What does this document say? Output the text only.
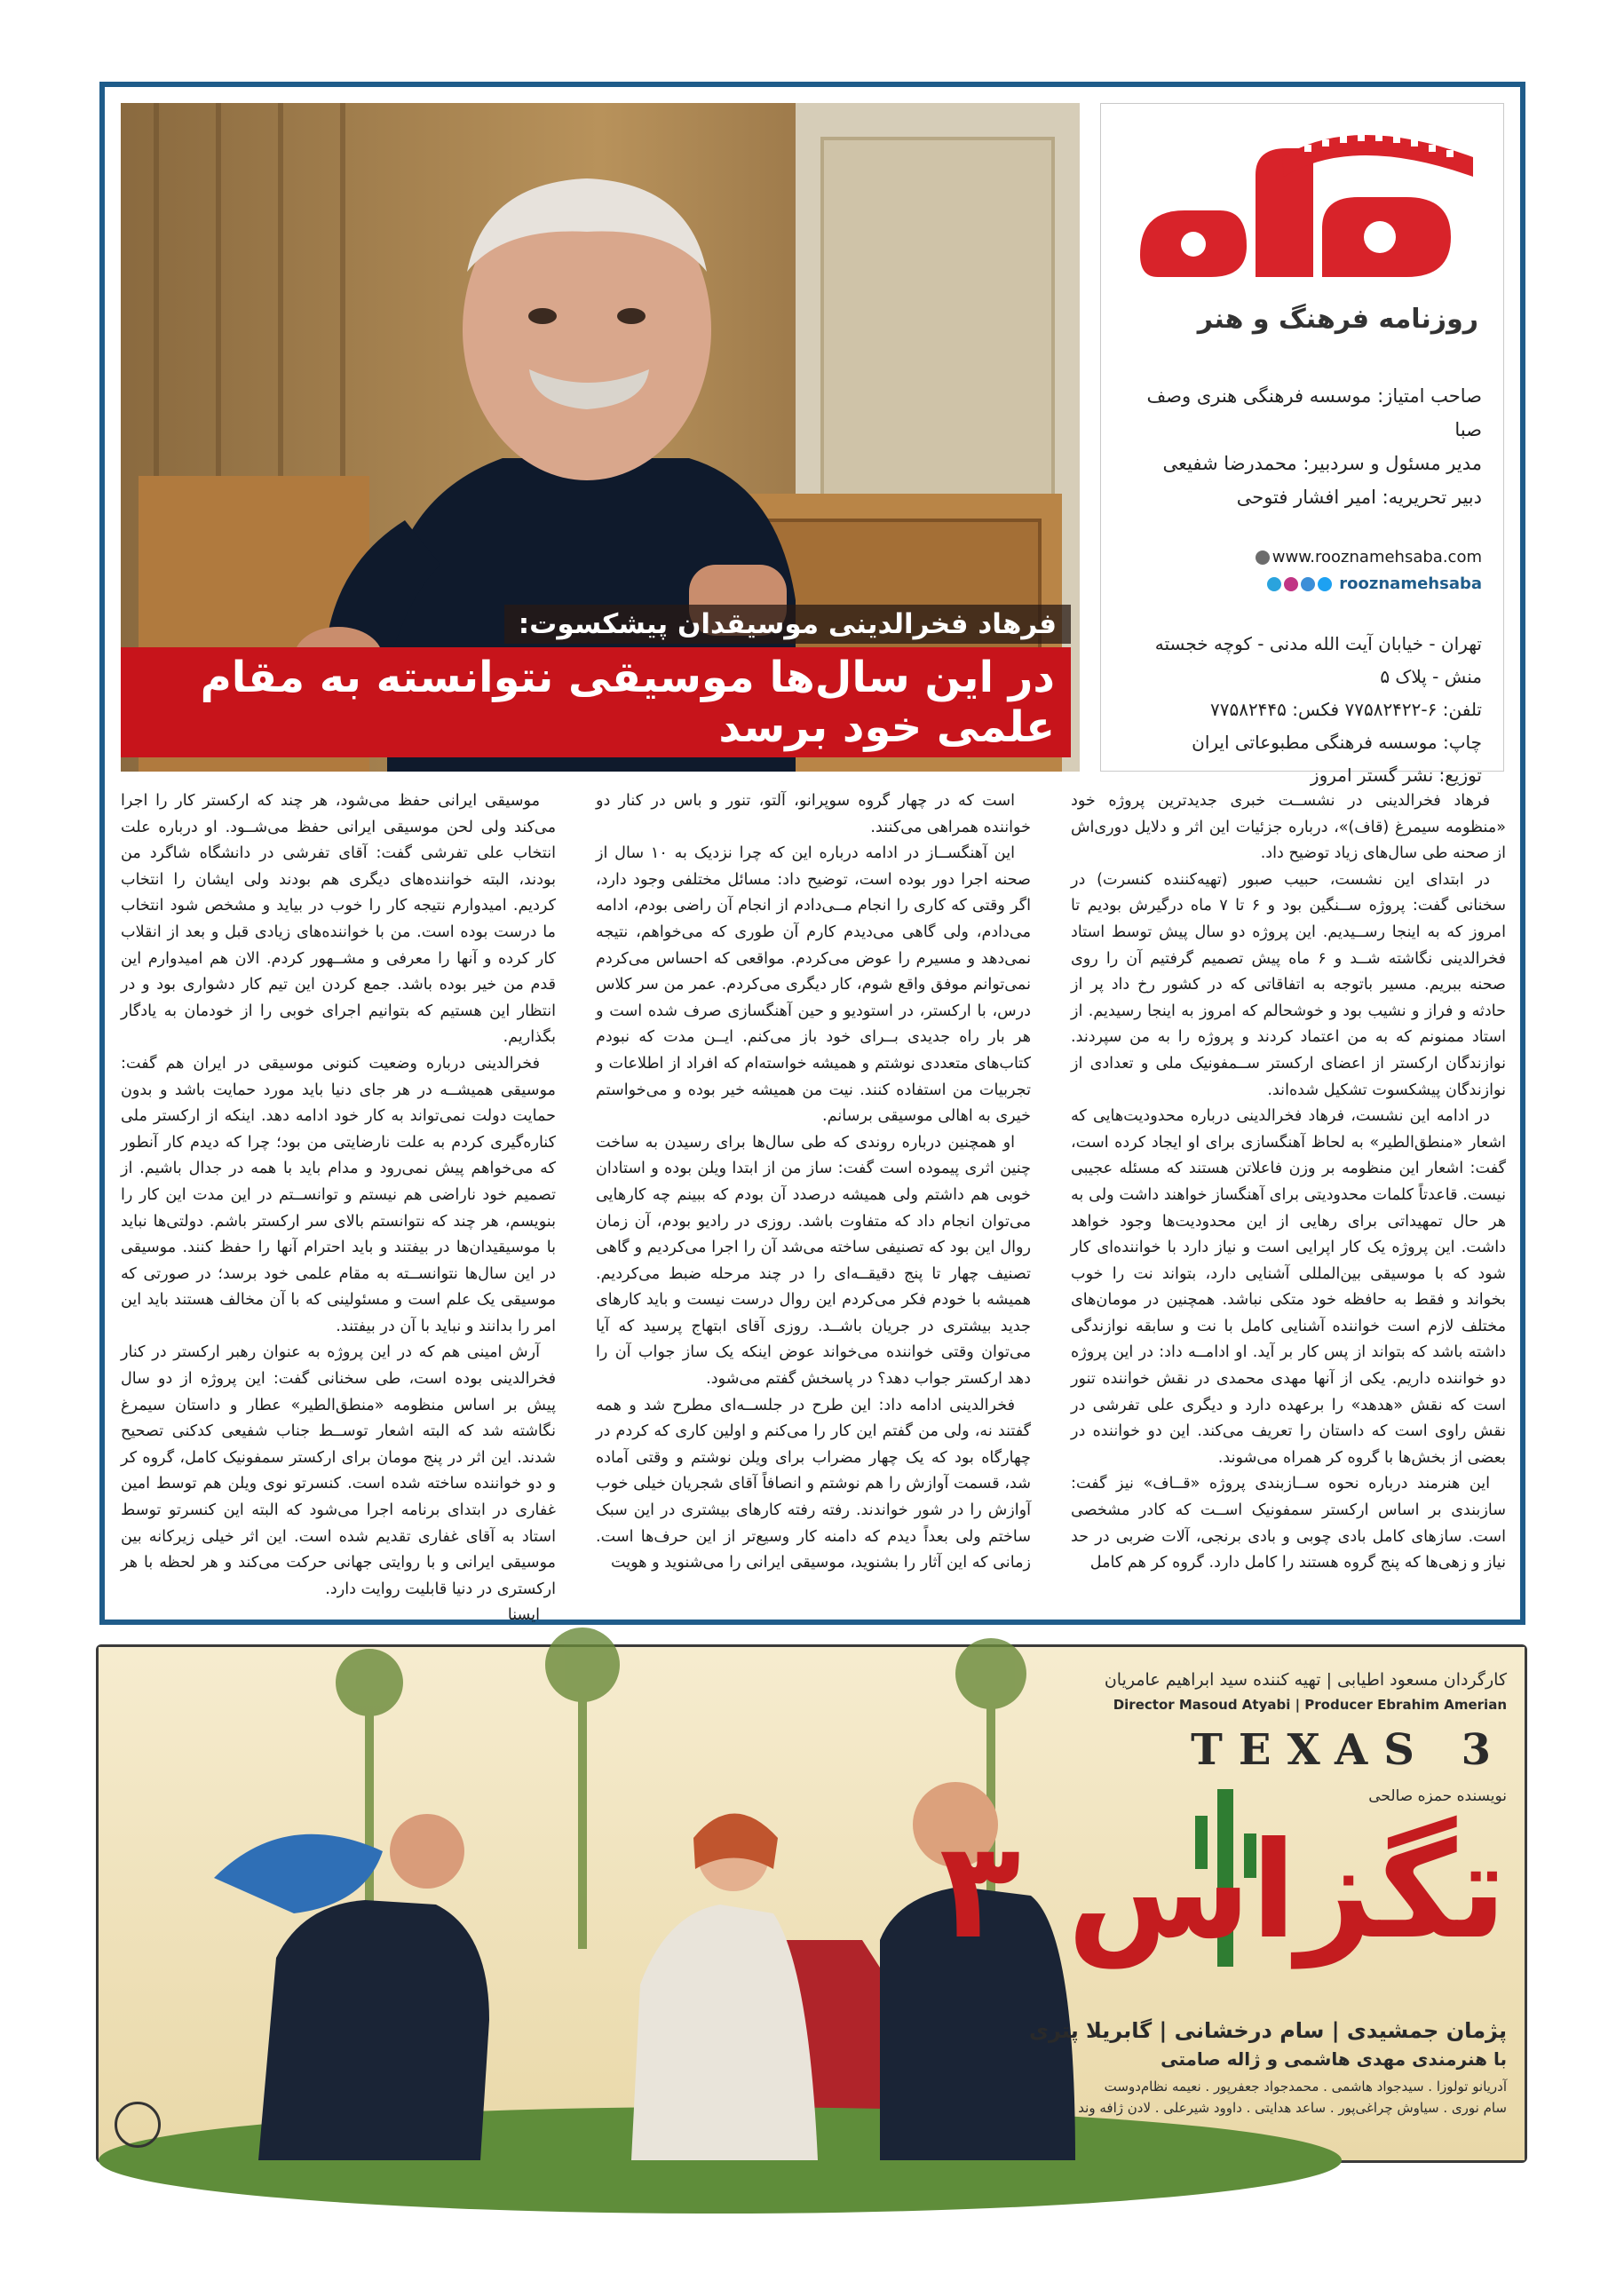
روزنامه فرهنگ و هنر
صاحب امتیاز: موسسه فرهنگی هنری وصف صبا
مدیر مسئول و سردبیر: محمدرضا شفیعی
دبیر تحریریه: امیر افشار فتوحی
www.rooznamehsaba.com
rooznamehsaba
تهران - خیابان آیت الله مدنی - کوچه خجسته منش - پلاک ۵
تلفن: ۶-۷۷۵۸۲۴۲۲ فکس: ۷۷۵۸۲۴۴۵
چاپ: موسسه فرهنگی مطبوعاتی ایران
توزیع: نشر گستر امروز
فرهاد فخرالدینی موسیقدان پیشکسوت:
در این سال‌ها موسیقی نتوانسته به مقام علمی خود برسد

فرهاد فخرالدینی در نشســت خبری جدیدترین پروژه خود «منظومه سیمرغ (قاف)»، درباره جزئیات این اثر و دلایل دوری‌اش از صحنه طی سال‌های زیاد توضیح داد.

در ابتدای این نشست، حبیب صبور (تهیه‌کننده کنسرت) در سخنانی گفت: پروژه ســنگین بود و ۶ تا ۷ ماه درگیرش بودیم تا امروز که به اینجا رســیدیم. این پروژه دو سال پیش توسط استاد فخرالدینی نگاشته شــد و ۶ ماه پیش تصمیم گرفتیم آن را روی صحنه ببریم. مسیر باتوجه به اتفاقاتی که در کشور رخ داد پر از حادثه و فراز و نشیب بود و خوشحالم که امروز به اینجا رسیدیم. از استاد ممنونم که به من اعتماد کردند و پروژه را به من سپردند. نوازندگان ارکستر از اعضای ارکستر ســمفونیک ملی و تعدادی از نوازندگان پیشکسوت تشکیل شده‌اند.

در ادامه این نشست، فرهاد فخرالدینی درباره محدودیت‌هایی که اشعار «منطق‌الطیر» به لحاظ آهنگسازی برای او ایجاد کرده است، گفت: اشعار این منظومه بر وزن فاعلاتن هستند که مسئله عجیبی نیست. قاعدتاً کلمات محدودیتی برای آهنگساز خواهند داشت ولی به هر حال تمهیداتی برای رهایی از این محدودیت‌ها وجود خواهد داشت. این پروژه یک کار اپرایی است و نیاز دارد با خواننده‌ای کار شود که با موسیقی بین‌المللی آشنایی دارد، بتواند نت را خوب بخواند و فقط به حافظه خود متکی نباشد. همچنین در مومان‌های مختلف لازم است خواننده آشنایی کامل با نت و سابقه نوازندگی داشته باشد که بتواند از پس کار بر آید. او ادامــه داد: در این پروژه دو خواننده داریم. یکی از آنها مهدی محمدی در نقش خواننده تنور است که نقش «هدهد» را برعهده دارد و دیگری علی تفرشی در نقش راوی است که داستان را تعریف می‌کند. این دو خواننده در بعضی از بخش‌ها با گروه کر همراه می‌شوند.

این هنرمند درباره نحوه ســازبندی پروژه «قــاف» نیز گفت: سازبندی بر اساس ارکستر سمفونیک اســت که کادر مشخصی است. سازهای کامل بادی چوبی و بادی برنجی، آلات ضربی در حد نیاز و زهی‌ها که پنج گروه هستند را کامل دارد. گروه کر هم کامل

است که در چهار گروه سوپرانو، آلتو، تنور و باس در کنار دو خواننده همراهی می‌کنند.

این آهنگســاز در ادامه درباره این که چرا نزدیک به ۱۰ سال از صحنه اجرا دور بوده است، توضیح داد: مسائل مختلفی وجود دارد، اگر وقتی که کاری را انجام مــی‌دادم از انجام آن راضی بودم، ادامه می‌دادم، ولی گاهی می‌دیدم کارم آن طوری که می‌خواهم، نتیجه نمی‌دهد و مسیرم را عوض می‌کردم. مواقعی که احساس می‌کردم نمی‌توانم موفق واقع شوم، کار دیگری می‌کردم. عمر من سر کلاس درس، با ارکستر، در استودیو و حین آهنگسازی صرف شده است و هر بار راه جدیدی بــرای خود باز می‌کنم. ایــن مدت که نبودم کتاب‌های متعددی نوشتم و همیشه خواسته‌ام که افراد از اطلاعات و تجربیات من استفاده کنند. نیت من همیشه خیر بوده و می‌خواستم خیری به اهالی موسیقی برسانم.

او همچنین درباره روندی که طی سال‌ها برای رسیدن به ساخت چنین اثری پیموده است گفت: ساز من از ابتدا ویلن بوده و استادان خوبی هم داشتم ولی همیشه درصدد آن بودم که ببینم چه کارهایی می‌توان انجام داد که متفاوت باشد. روزی در رادیو بودم، آن زمان روال این بود که تصنیفی ساخته می‌شد آن را اجرا می‌کردیم و گاهی تصنیف چهار تا پنج دقیقــه‌ای را در چند مرحله ضبط می‌کردیم. همیشه با خودم فکر می‌کردم این روال درست نیست و باید کارهای جدید بیشتری در جریان باشــد. روزی آقای ابتهاج پرسید که آیا می‌توان وقتی خواننده می‌خواند عوض اینکه یک ساز جواب آن را دهد ارکستر جواب دهد؟ در پاسخش گفتم می‌شود.

فخرالدینی ادامه داد: این طرح در جلســه‌ای مطرح شد و همه گفتند نه، ولی من گفتم این کار را می‌کنم و اولین کاری که کردم در چهارگاه بود که یک چهار مضراب برای ویلن نوشتم و وقتی آماده شد، قسمت آوازش را هم نوشتم و انصافاً آقای شجریان خیلی خوب آوازش را در شور خواندند. رفته رفته کارهای بیشتری در این سبک ساختم ولی بعداً دیدم که دامنه کار وسیع‌تر از این حرف‌ها است. زمانی که این آثار را بشنوید، موسیقی ایرانی را می‌شنوید و هویت

موسیقی ایرانی حفظ می‌شود، هر چند که ارکستر کار را اجرا می‌کند ولی لحن موسیقی ایرانی حفظ می‌شــود. او درباره علت انتخاب علی تفرشی گفت: آقای تفرشی در دانشگاه شاگرد من بودند، البته خواننده‌های دیگری هم بودند ولی ایشان را انتخاب کردیم. امیدوارم نتیجه کار را خوب در بیاید و مشخص شود انتخاب ما درست بوده است. من با خواننده‌های زیادی قبل و بعد از انقلاب کار کرده و آنها را معرفی و مشــهور کردم. الان هم امیدوارم این قدم من خیر بوده باشد. جمع کردن این تیم کار دشواری بود و در انتظار این هستیم که بتوانیم اجرای خوبی را از خودمان به یادگار بگذاریم.

فخرالدینی درباره وضعیت کنونی موسیقی در ایران هم گفت: موسیقی همیشــه در هر جای دنیا باید مورد حمایت باشد و بدون حمایت دولت نمی‌تواند به کار خود ادامه دهد. اینکه از ارکستر ملی کناره‌گیری کردم به علت نارضایتی من بود؛ چرا که دیدم کار آنطور که می‌خواهم پیش نمی‌رود و مدام باید با همه در جدال باشیم. از تصمیم خود ناراضی هم نیستم و توانســتم در این مدت این کار را بنویسم، هر چند که نتوانستم بالای سر ارکستر باشم. دولتی‌ها نباید با موسیقیدان‌ها در بیفتند و باید احترام آنها را حفظ کنند. موسیقی در این سال‌ها نتوانســته به مقام علمی خود برسد؛ در صورتی که موسیقی یک علم است و مسئولینی که با آن مخالف هستند باید این امر را بدانند و نباید با آن در بیفتند.

آرش امینی هم که در این پروژه به عنوان رهبر ارکستر در کنار فخرالدینی بوده است، طی سخنانی گفت: این پروژه از دو سال پیش بر اساس منظومه «منطق‌الطیر» عطار و داستان سیمرغ نگاشته شد که البته اشعار توســط جناب شفیعی کدکنی تصحیح شدند. این اثر در پنج مومان برای ارکستر سمفونیک کامل، گروه کر و دو خواننده ساخته شده است. کنسرتو نوی ویلن هم توسط امین غفاری در ابتدای برنامه اجرا می‌شود که البته این کنسرتو توسط استاد به آقای غفاری تقدیم شده است. این اثر خیلی زیرکانه بین موسیقی ایرانی و با روایتی جهانی حرکت می‌کند و هر لحظه با هر ارکستری در دنیا قابلیت روایت دارد.

ایسنا

کارگردان مسعود اطیابی | تهیه کننده سید ابراهیم عامریان
Director Masoud Atyabi | Producer Ebrahim Amerian
TEXAS 3
نویسنده حمزه صالحی
تگزاس ۳
پژمان جمشیدی | سام درخشانی | گابریلا پتری
با هنرمندی مهدی هاشمی و ژاله صامتی
آدریانو تولوزا . سیدجواد هاشمی . محمدجواد جعفرپور . نعیمه نظام‌دوست
سام نوری . سیاوش چراغی‌پور . ساعد هدایتی . داوود شیرعلی . لادن ژافه وند
